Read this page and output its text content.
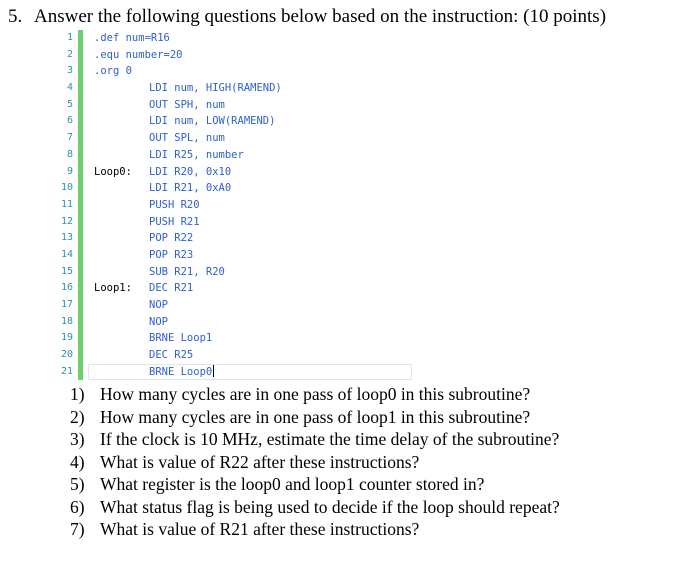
5. Answer the following questions below based on the instruction: (10 points)
1 .def num=R16
2 .equ number=20
3 .org 0
4	LDI num, HIGH(RAMEND)
5	OUT SPH, num
6	LDI num, LOW(RAMEND)
7	OUT SPL, num
8	LDI R25, number
9 Loop0: LDI R20, 0x10
10	LDI R21, 0xA0
11	PUSH R20
12	PUSH R21
13	POP R22
14	POP R23
15	SUB R21, R20
16 Loop1: DEC R21
17	NOP
18	NOP
19	BRNE Loop1
20	DEC R25
21	BRNE Loop0
1) How many cycles are in one pass of loop0 in this subroutine?
2) How many cycles are in one pass of loop1 in this subroutine?
3) If the clock is 10 MHz, estimate the time delay of the subroutine?
4) What is value of R22 after these instructions?
5) What register is the loop0 and loop1 counter stored in?
6) What status flag is being used to decide if the loop should repeat?
7) What is value of R21 after these instructions?
